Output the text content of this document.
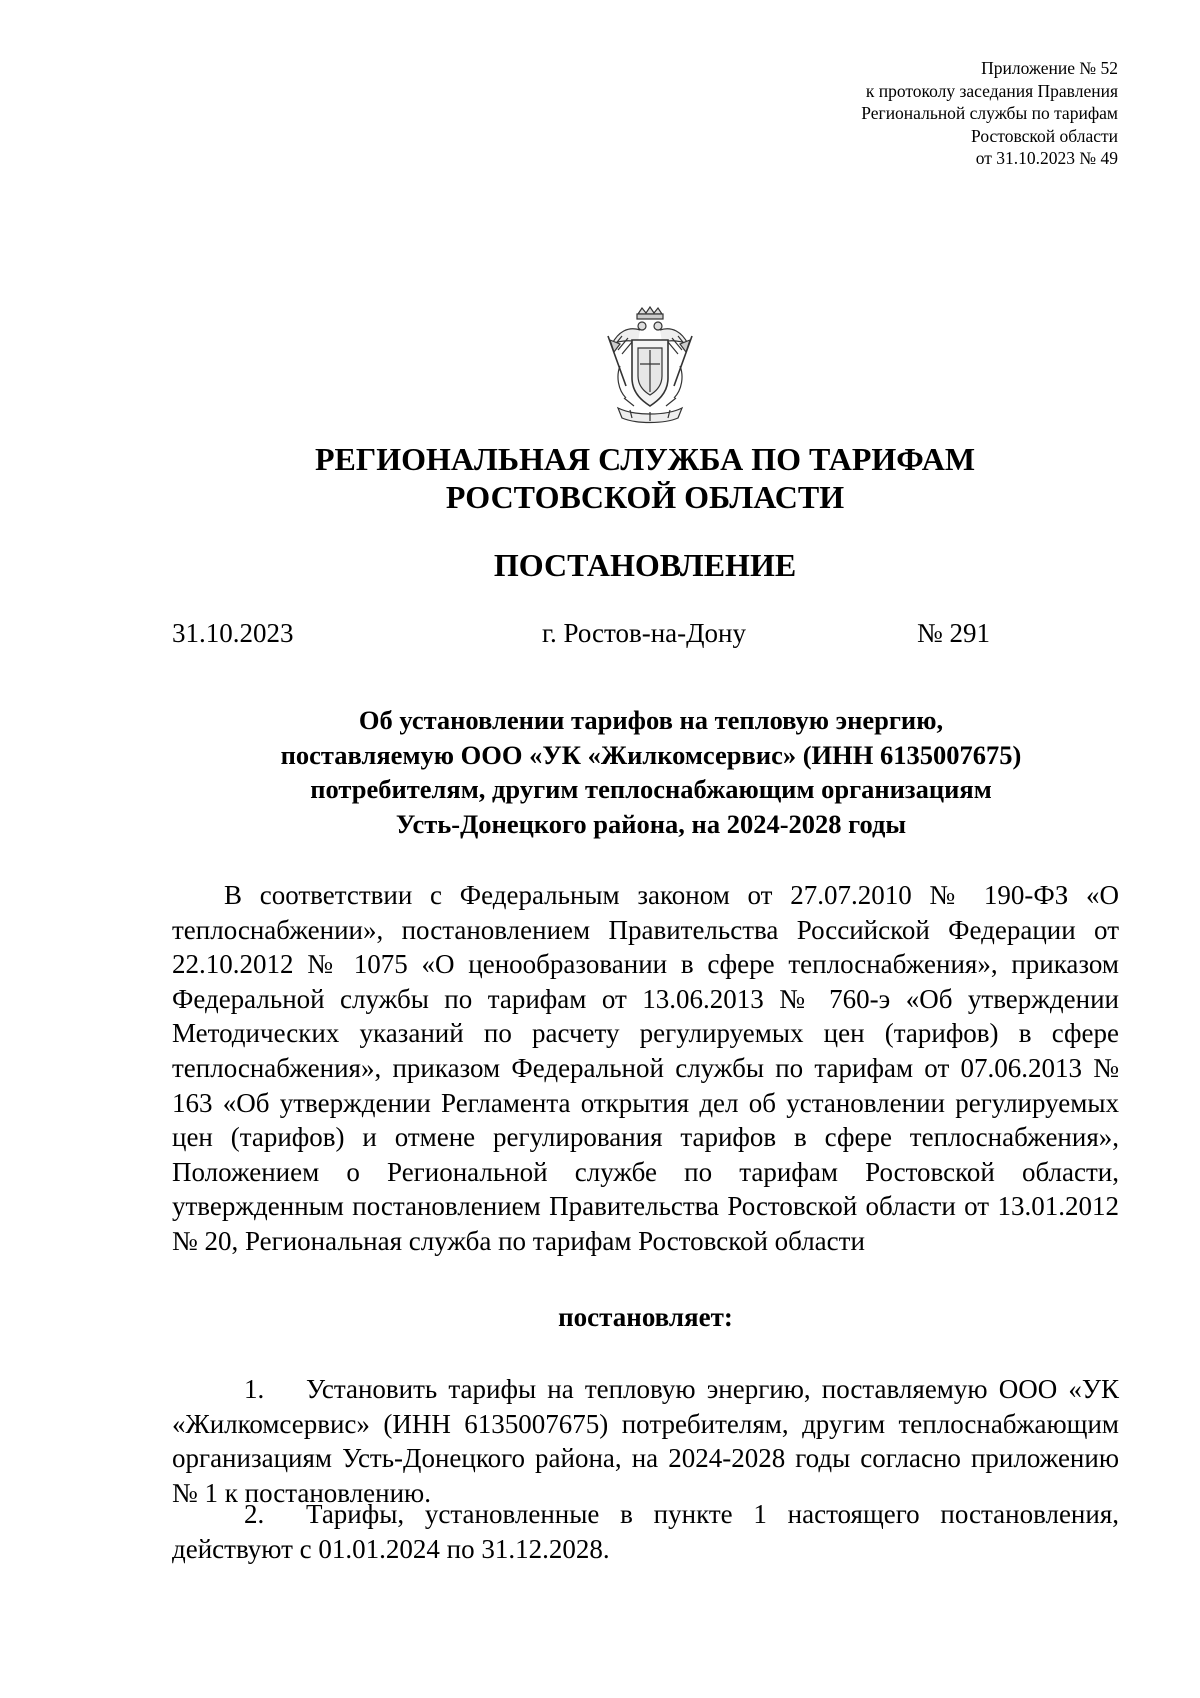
Приложение № 52
к протоколу заседания Правления
Региональной службы по тарифам
Ростовской области
от 31.10.2023 № 49
РЕГИОНАЛЬНАЯ СЛУЖБА ПО ТАРИФАМ
РОСТОВСКОЙ ОБЛАСТИ
ПОСТАНОВЛЕНИЕ
31.10.2023	г. Ростов-на-Дону	№ 291
Об установлении тарифов на тепловую энергию,
поставляемую ООО «УК «Жилкомсервис» (ИНН 6135007675)
потребителям, другим теплоснабжающим организациям
Усть-Донецкого района, на 2024-2028 годы
В соответствии с Федеральным законом от 27.07.2010 № 190-ФЗ «О теплоснабжении», постановлением Правительства Российской Федерации от 22.10.2012 № 1075 «О ценообразовании в сфере теплоснабжения», приказом Федеральной службы по тарифам от 13.06.2013 № 760-э «Об утверждении Методических указаний по расчету регулируемых цен (тарифов) в сфере теплоснабжения», приказом Федеральной службы по тарифам от 07.06.2013 № 163 «Об утверждении Регламента открытия дел об установлении регулируемых цен (тарифов) и отмене регулирования тарифов в сфере теплоснабжения», Положением о Региональной службе по тарифам Ростовской области, утвержденным постановлением Правительства Ростовской области от 13.01.2012 № 20, Региональная служба по тарифам Ростовской области
постановляет:
1. Установить тарифы на тепловую энергию, поставляемую ООО «УК «Жилкомсервис» (ИНН 6135007675) потребителям, другим теплоснабжающим организациям Усть-Донецкого района, на 2024-2028 годы согласно приложению № 1 к постановлению.
2. Тарифы, установленные в пункте 1 настоящего постановления, действуют с 01.01.2024 по 31.12.2028.
